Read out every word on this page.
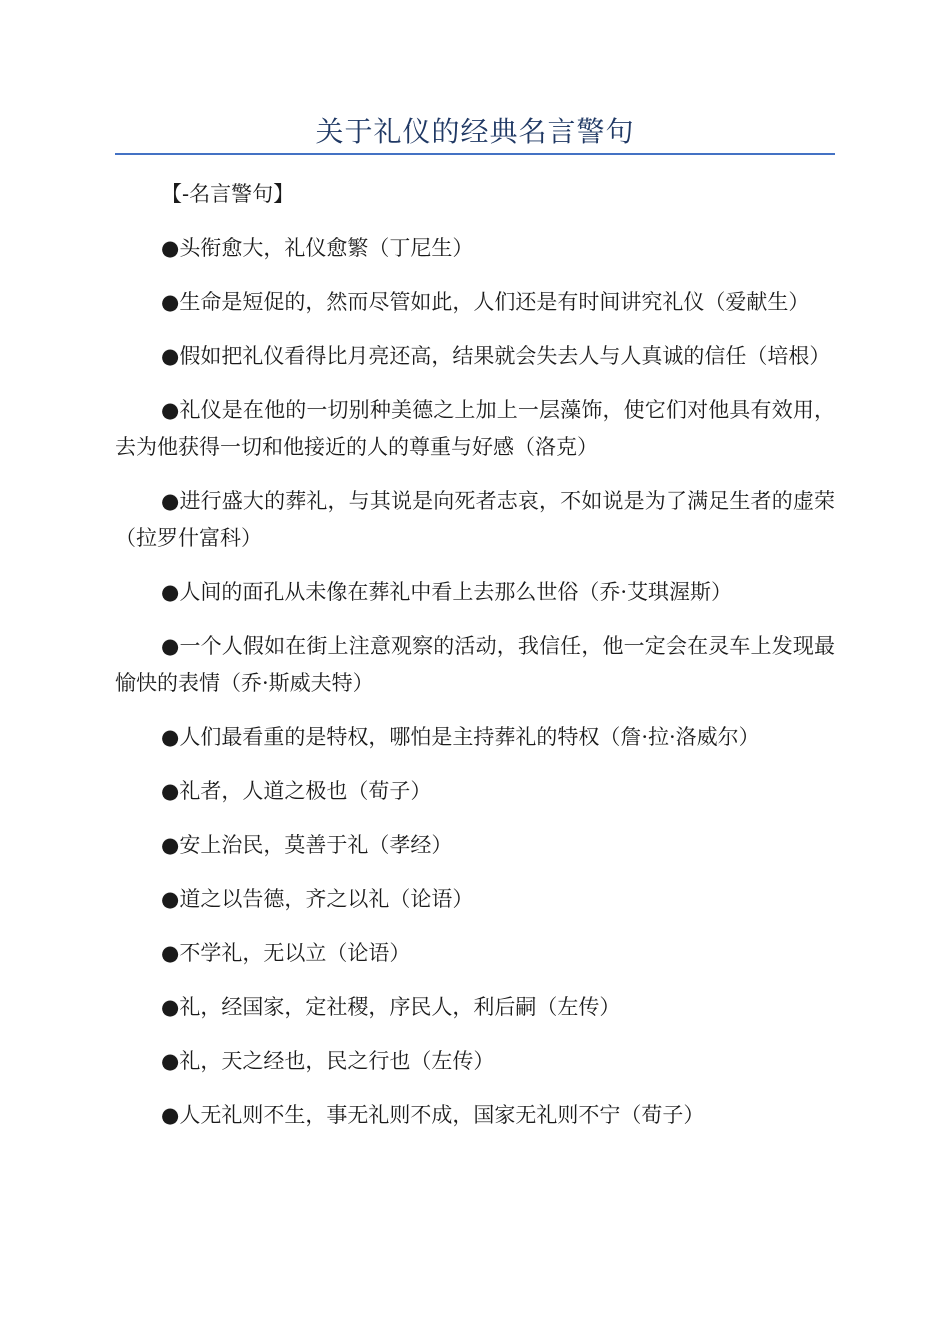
关于礼仪的经典名言警句

【-名言警句】

●头衔愈大，礼仪愈繁（丁尼生）

●生命是短促的，然而尽管如此，人们还是有时间讲究礼仪（爱献生）

●假如把礼仪看得比月亮还高，结果就会失去人与人真诚的信任（培根）

●礼仪是在他的一切别种美德之上加上一层藻饰，使它们对他具有效用，去为他获得一切和他接近的人的尊重与好感（洛克）

●进行盛大的葬礼，与其说是向死者志哀，不如说是为了满足生者的虚荣（拉罗什富科）

●人间的面孔从未像在葬礼中看上去那么世俗（乔·艾琪渥斯）

●一个人假如在街上注意观察的活动，我信任，他一定会在灵车上发现最愉快的表情（乔·斯威夫特）

●人们最看重的是特权，哪怕是主持葬礼的特权（詹·拉·洛威尔）

●礼者，人道之极也（荀子）

●安上治民，莫善于礼（孝经）

●道之以告德，齐之以礼（论语）

●不学礼，无以立（论语）

●礼，经国家，定社稷，序民人，利后嗣（左传）

●礼，天之经也，民之行也（左传）

●人无礼则不生，事无礼则不成，国家无礼则不宁（荀子）
